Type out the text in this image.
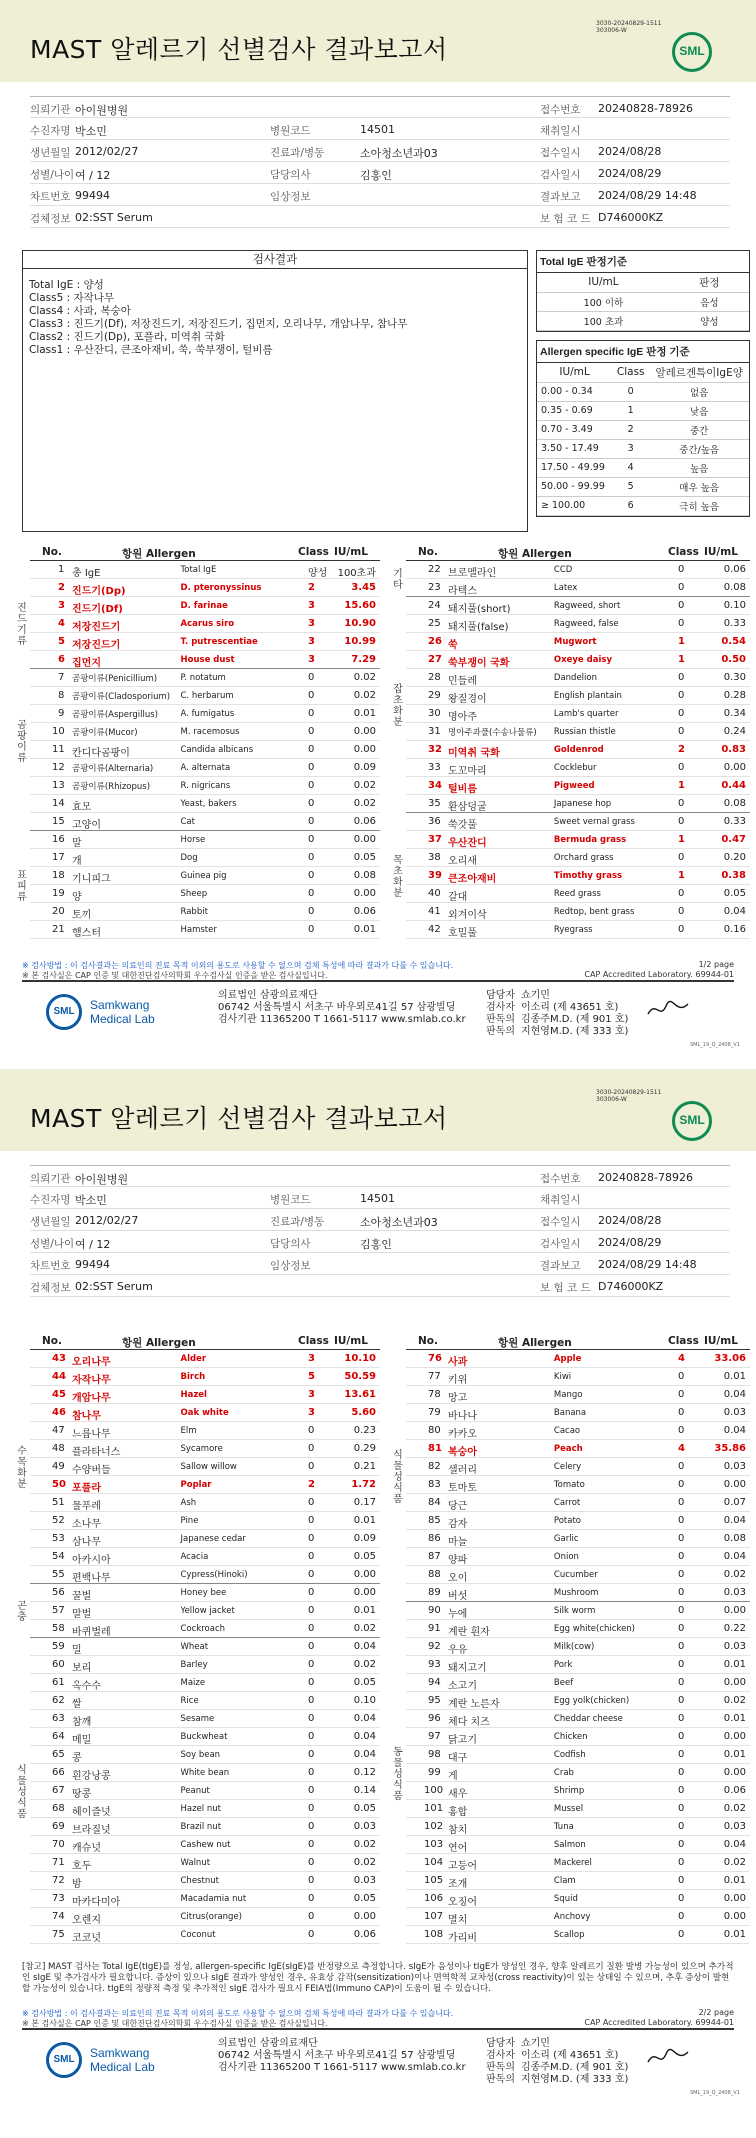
MAST 알레르기 선별검사 결과보고서
3030-20240829-1511
303006-W
SML
의뢰기관 아이원병원	접수번호 20240828-78926
수진자명 박소민	병원코드	14501	채취일시
생년월일 2012/02/27	진료과/병동	소아청소년과03	접수일시 2024/08/28
성별/나이 여 / 12	담당의사	김홍인	검사일시 2024/08/29
차트번호 99494	임상정보	결과보고 2024/08/29 14:48
검체정보 02:SST Serum	보 험 코 드 D746000KZ
검사결과
Total IgE : 양성
Class5 : 자작나무
Class4 : 사과, 복숭아
Class3 : 진드기(Df), 저장진드기, 저장진드기, 집먼지, 오리나무, 개암나무, 참나무
Class2 : 진드기(Dp), 포플라, 미역취 국화
Class1 : 우산잔디, 큰조아재비, 쑥, 쑥부쟁이, 털비름
Total IgE 판정기준
IU/mL	판정
100 이하	음성
100 초과	양성
Allergen specific IgE 판정 기준
IU/mL	Class	알레르겐특이IgE양
0.00 - 0.34	0	없음
0.35 - 0.69	1	낮음
0.70 - 3.49	2	중간
3.50 - 17.49	3	중간/높음
17.50 - 49.99	4	높음
50.00 - 99.99	5	매우 높음
≥ 100.00	6	극히 높음
No.	항원 Allergen	Class IU/mL
1 총 IgE	Total IgE	양성 100초과
2 진드기(Dp)	D. pteronyssinus	2	3.45
3 진드기(Df)	D. farinae	3	15.60
4 저장진드기	Acarus siro	3	10.90
5 저장진드기	T. putrescentiae	3	10.99
6 집먼지	House dust	3	7.29
7 곰팡이류(Penicillium)	P. notatum	0	0.02
8 곰팡이류(Cladosporium) C. herbarum	0	0.02
9 곰팡이류(Aspergillus)	A. fumigatus	0	0.01
10 곰팡이류(Mucor)	M. racemosus	0	0.00
11 칸디다곰팡이	Candida albicans	0	0.00
12 곰팡이류(Alternaria)	A. alternata	0	0.09
13 곰팡이류(Rhizopus)	R. nigricans	0	0.02
14 효모	Yeast, bakers	0	0.02
15 고양이	Cat	0	0.06
16 말	Horse	0	0.00
17 개	Dog	0	0.05
18 기니피그	Guinea pig	0	0.08
19 양	Sheep	0	0.00
20 토끼	Rabbit	0	0.06
21 햄스터	Hamster	0	0.01
진드기류
곰팡이류
표피류
No.	항원 Allergen	Class IU/mL
22 브로멜라인	CCD	0	0.06
23 라텍스	Latex	0	0.08
24 돼지풀(short)	Ragweed, short	0	0.10
25 돼지풀(false)	Ragweed, false	0	0.33
26 쑥	Mugwort	1	0.54
27 쑥부쟁이 국화	Oxeye daisy	1	0.50
28 민들레	Dandelion	0	0.30
29 왕질경이	English plantain	0	0.28
30 명아주	Lamb's quarter	0	0.34
31 명아주과풀(수송나물류) Russian thistle	0	0.24
32 미역취 국화	Goldenrod	2	0.83
33 도꼬마리	Cocklebur	0	0.00
34 털비름	Pigweed	1	0.44
35 환삼덩굴	Japanese hop	0	0.08
36 쑥갓풀	Sweet vernal grass	0	0.33
37 우산잔디	Bermuda grass	1	0.47
38 오리새	Orchard grass	0	0.20
39 큰조아재비	Timothy grass	1	0.38
40 갈대	Reed grass	0	0.05
41 외겨이삭	Redtop, bent grass	0	0.04
42 호밀풀	Ryegrass	0	0.16
기타
잡초화분
목초화분
※ 검사방법 : 이 검사결과는 의료인의 진료 목적 이외의 용도로 사용할 수 없으며 검체 특성에 따라 결과가 다를 수 있습니다.
※ 본 검사실은 CAP 인증 및 대한진단검사의학회 우수검사실 인증을 받은 검사실입니다.
1/2 page
CAP Accredited Laboratory. 69944-01
SML	Samkwang
Medical Lab
의료법인 삼광의료재단
06742 서울특별시 서초구 바우뫼로41길 57 삼광빌딩
검사기관 11365200 T 1661-5117 www.smlab.co.kr
담당자 쇼기민
검사자 이소리 (제 43651 호)
판독의 김종주M.D. (제 901 호)
판독의 지현영M.D. (제 333 호)
SML_19_Q_2408_V1
MAST 알레르기 선별검사 결과보고서
3030-20240829-1511
303006-W
SML
의뢰기관 아이원병원	접수번호 20240828-78926
수진자명 박소민	병원코드	14501	채취일시
생년월일 2012/02/27	진료과/병동	소아청소년과03	접수일시 2024/08/28
성별/나이 여 / 12	담당의사	김홍인	검사일시 2024/08/29
차트번호 99494	임상정보	결과보고 2024/08/29 14:48
검체정보 02:SST Serum	보 험 코 드 D746000KZ
No.	항원 Allergen	Class IU/mL
43 오리나무	Alder	3	10.10
44 자작나무	Birch	5	50.59
45 개암나무	Hazel	3	13.61
46 참나무	Oak white	3	5.60
47 느릅나무	Elm	0	0.23
48 플라타너스	Sycamore	0	0.29
49 수양버들	Sallow willow	0	0.21
50 포플라	Poplar	2	1.72
51 물푸레	Ash	0	0.17
52 소나무	Pine	0	0.01
53 삼나무	Japanese cedar	0	0.09
54 아카시아	Acacia	0	0.05
55 편백나무	Cypress(Hinoki)	0	0.00
56 꿀벌	Honey bee	0	0.00
57 말벌	Yellow jacket	0	0.01
58 바퀴벌레	Cockroach	0	0.02
59 밀	Wheat	0	0.04
60 보리	Barley	0	0.02
61 옥수수	Maize	0	0.05
62 쌀	Rice	0	0.10
63 참깨	Sesame	0	0.04
64 메밀	Buckwheat	0	0.04
65 콩	Soy bean	0	0.04
66 흰강낭콩	White bean	0	0.12
67 땅콩	Peanut	0	0.14
68 헤이즐넛	Hazel nut	0	0.05
69 브라질넛	Brazil nut	0	0.03
70 캐슈넛	Cashew nut	0	0.02
71 호두	Walnut	0	0.02
72 밤	Chestnut	0	0.03
73 마카다미아	Macadamia nut	0	0.05
74 오렌지	Citrus(orange)	0	0.00
75 코코넛	Coconut	0	0.06
수목화분
곤충
식물성식품
No.	항원 Allergen	Class IU/mL
76 사과	Apple	4	33.06
77 키위	Kiwi	0	0.01
78 망고	Mango	0	0.04
79 바나나	Banana	0	0.03
80 카카오	Cacao	0	0.04
81 복숭아	Peach	4	35.86
82 샐러리	Celery	0	0.03
83 토마토	Tomato	0	0.00
84 당근	Carrot	0	0.07
85 감자	Potato	0	0.04
86 마늘	Garlic	0	0.08
87 양파	Onion	0	0.04
88 오이	Cucumber	0	0.02
89 버섯	Mushroom	0	0.03
90 누에	Silk worm	0	0.00
91 계란 흰자	Egg white(chicken)	0	0.22
92 우유	Milk(cow)	0	0.03
93 돼지고기	Pork	0	0.01
94 소고기	Beef	0	0.00
95 계란 노른자	Egg yolk(chicken)	0	0.02
96 체다 치즈	Cheddar cheese	0	0.01
97 닭고기	Chicken	0	0.00
98 대구	Codfish	0	0.01
99 게	Crab	0	0.00
100 새우	Shrimp	0	0.06
101 홍합	Mussel	0	0.02
102 참치	Tuna	0	0.03
103 연어	Salmon	0	0.04
104 고등어	Mackerel	0	0.02
105 조개	Clam	0	0.01
106 오징어	Squid	0	0.00
107 멸치	Anchovy	0	0.00
108 가리비	Scallop	0	0.01
식물성식품
동물성식품
[참고] MAST 검사는 Total IgE(tIgE)를 정성, allergen-specific IgE(sIgE)를 반정량으로 측정합니다. sIgE가 음성이나 tIgE가 양성인 경우, 향후 알레르기 질환 발병 가능성이 있으며 추가적인 sIgE 및 추가검사가 필요합니다. 증상이 있으나 sIgE 결과가 양성인 경우, 유효상 감작(sensitization)이나 면역학적 교차성(cross reactivity)이 있는 상태일 수 있으며, 추후 증상이 발현할 가능성이 있습니다. tIgE의 정량적 측정 및 추가적인 sIgE 검사가 필요시 FEIA법(Immuno CAP)이 도움이 될 수 있습니다.
※ 검사방법 : 이 검사결과는 의료인의 진료 목적 이외의 용도로 사용할 수 없으며 검체 특성에 따라 결과가 다를 수 있습니다.
※ 본 검사실은 CAP 인증 및 대한진단검사의학회 우수검사실 인증을 받은 검사실입니다.
2/2 page
CAP Accredited Laboratory. 69944-01
SML	Samkwang
Medical Lab
의료법인 삼광의료재단
06742 서울특별시 서초구 바우뫼로41길 57 삼광빌딩
검사기관 11365200 T 1661-5117 www.smlab.co.kr
담당자 쇼기민
검사자 이소리 (제 43651 호)
판독의 김종주M.D. (제 901 호)
판독의 지현영M.D. (제 333 호)
SML_19_Q_2408_V1
